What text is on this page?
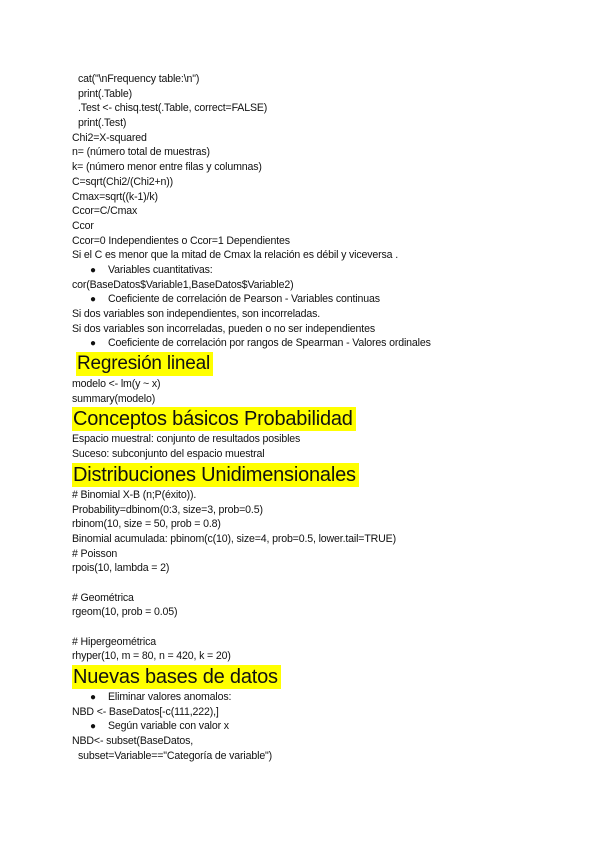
cat("\nFrequency table:\n")
print(.Table)
.Test <- chisq.test(.Table, correct=FALSE)
print(.Test)
Chi2=X-squared
n= (número total de muestras)
k= (número menor entre filas y columnas)
C=sqrt(Chi2/(Chi2+n))
Cmax=sqrt((k-1)/k)
Ccor=C/Cmax
Ccor
Ccor=0 Independientes o Ccor=1 Dependientes
Si el C es menor que la mitad de Cmax la relación es débil y viceversa .
● Variables cuantitativas:
cor(BaseDatos$Variable1,BaseDatos$Variable2)
● Coeficiente de correlación de Pearson - Variables continuas
Si dos variables son independientes, son incorreladas.
Si dos variables son incorreladas, pueden o no ser independientes
● Coeficiente de correlación por rangos de Spearman - Valores ordinales
Regresión lineal
modelo <- lm(y ~ x)
summary(modelo)
Conceptos básicos Probabilidad
Espacio muestral: conjunto de resultados posibles
Suceso: subconjunto del espacio muestral
Distribuciones Unidimensionales
# Binomial X-B (n;P(éxito)).
Probability=dbinom(0:3, size=3, prob=0.5)
rbinom(10, size = 50, prob = 0.8)
Binomial acumulada: pbinom(c(10), size=4, prob=0.5, lower.tail=TRUE)
# Poisson
rpois(10, lambda = 2)
# Geométrica
rgeom(10, prob = 0.05)
# Hipergeométrica
rhyper(10, m = 80, n = 420, k = 20)
Nuevas bases de datos
● Eliminar valores anomalos:
NBD <- BaseDatos[-c(111,222),]
● Según variable con valor x
NBD<- subset(BaseDatos,
subset=Variable=="Categoría de variable")
